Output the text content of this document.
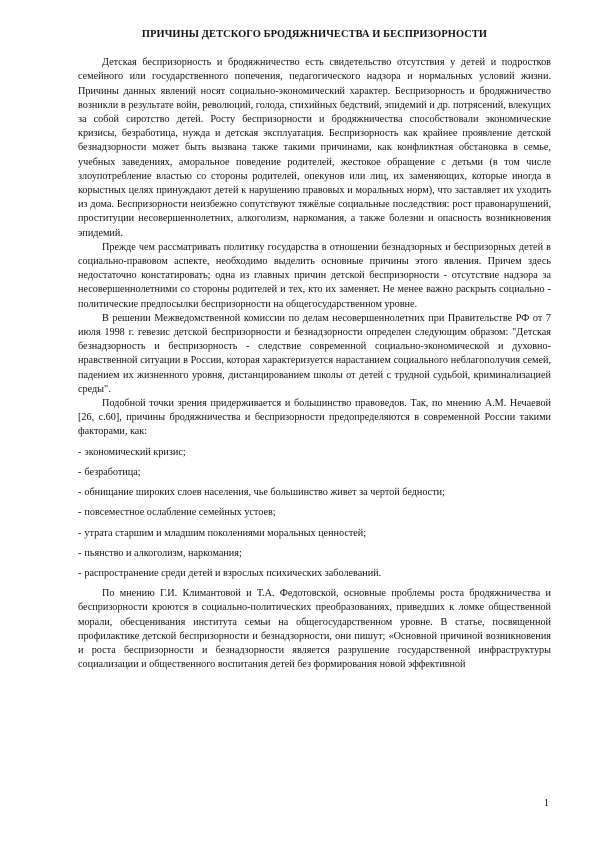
ПРИЧИНЫ ДЕТСКОГО БРОДЯЖНИЧЕСТВА И БЕСПРИЗОРНОСТИ

Детская беспризорность и бродяжничество есть свидетельство отсутствия у детей и подростков семейного или государственного попечения, педагогического надзора и нормальных условий жизни. Причины данных явлений носят социально-экономический характер. Беспризорность и бродяжничество возникли в результате войн, революций, голода, стихийных бедствий, эпидемий и др. потрясений, влекущих за собой сиротство детей. Росту беспризорности и бродяжничества способствовали экономические кризисы, безработица, нужда и детская эксплуатация. Беспризорность как крайнее проявление детской безнадзорности может быть вызвана также такими причинами, как конфликтная обстановка в семье, учебных заведениях, аморальное поведение родителей, жестокое обращение с детьми (в том числе злоупотребление властью со стороны родителей, опекунов или лиц, их заменяющих, которые иногда в корыстных целях принуждают детей к нарушению правовых и моральных норм), что заставляет их уходить из дома. Беспризорности неизбежно сопутствуют тяжёлые социальные последствия: рост правонарушений, проституции несовершеннолетних, алкоголизм, наркомания, а также болезни и опасность возникновения эпидемий.

Прежде чем рассматривать политику государства в отношении безнадзорных и беспризорных детей в социально-правовом аспекте, необходимо выделить основные причины этого явления. Причем здесь недостаточно констатировать; одна из главных причин детской беспризорности - отсутствие надзора за несовершеннолетними со стороны родителей и тех, кто их заменяет. Не менее важно раскрыть социально - политические предпосылки беспризорности на общегосударственном уровне.

В решении Межведомственной комиссии по делам несовершеннолетних при Правительстве РФ от 7 июля 1998 г. гевезис детской беспризорности и безнадзорности определен следующим образом: "Детская безнадзорность и беспризорность - следствие современной социально-экономической и духовно-нравственной ситуации в России, которая характеризуется нарастанием социального неблагополучия семей, падением их жизненного уровня, дистанцированием школы от детей с трудной судьбой, криминализацией среды".

Подобной точки зрения придерживается и большинство правоведов. Так, по мнению А.М. Нечаевой [26, с.60], причины бродяжничества и беспризорности предопределяются в современной России такими факторами, как:

- экономический кризис;
- безработица;
- обнищание широких слоев населения, чье большинство живет за чертой бедности;
- повсеместное ослабление семейных устоев;
- утрата старшим и младшим поколениями моральных ценностей;
- пьянство и алкоголизм, наркомания;
- распространение среди детей и взрослых психических заболеваний.

По мнению Г.И. Климантовой и Т.А. Федотовской, основные проблемы роста бродяжничества и беспризорности кроются в социально-политических преобразованиях, приведших к ломке общественной морали, обесценивания института семьи на общегосударственном уровне. В статье, посвященной профилактике детской беспризорности и безнадзорности, они пишут; «Основной причиной возникновения и роста беспризорности и безнадзорности является разрушение государственной инфраструктуры социализации и общественного воспитания детей без формирования новой эффективной

1
